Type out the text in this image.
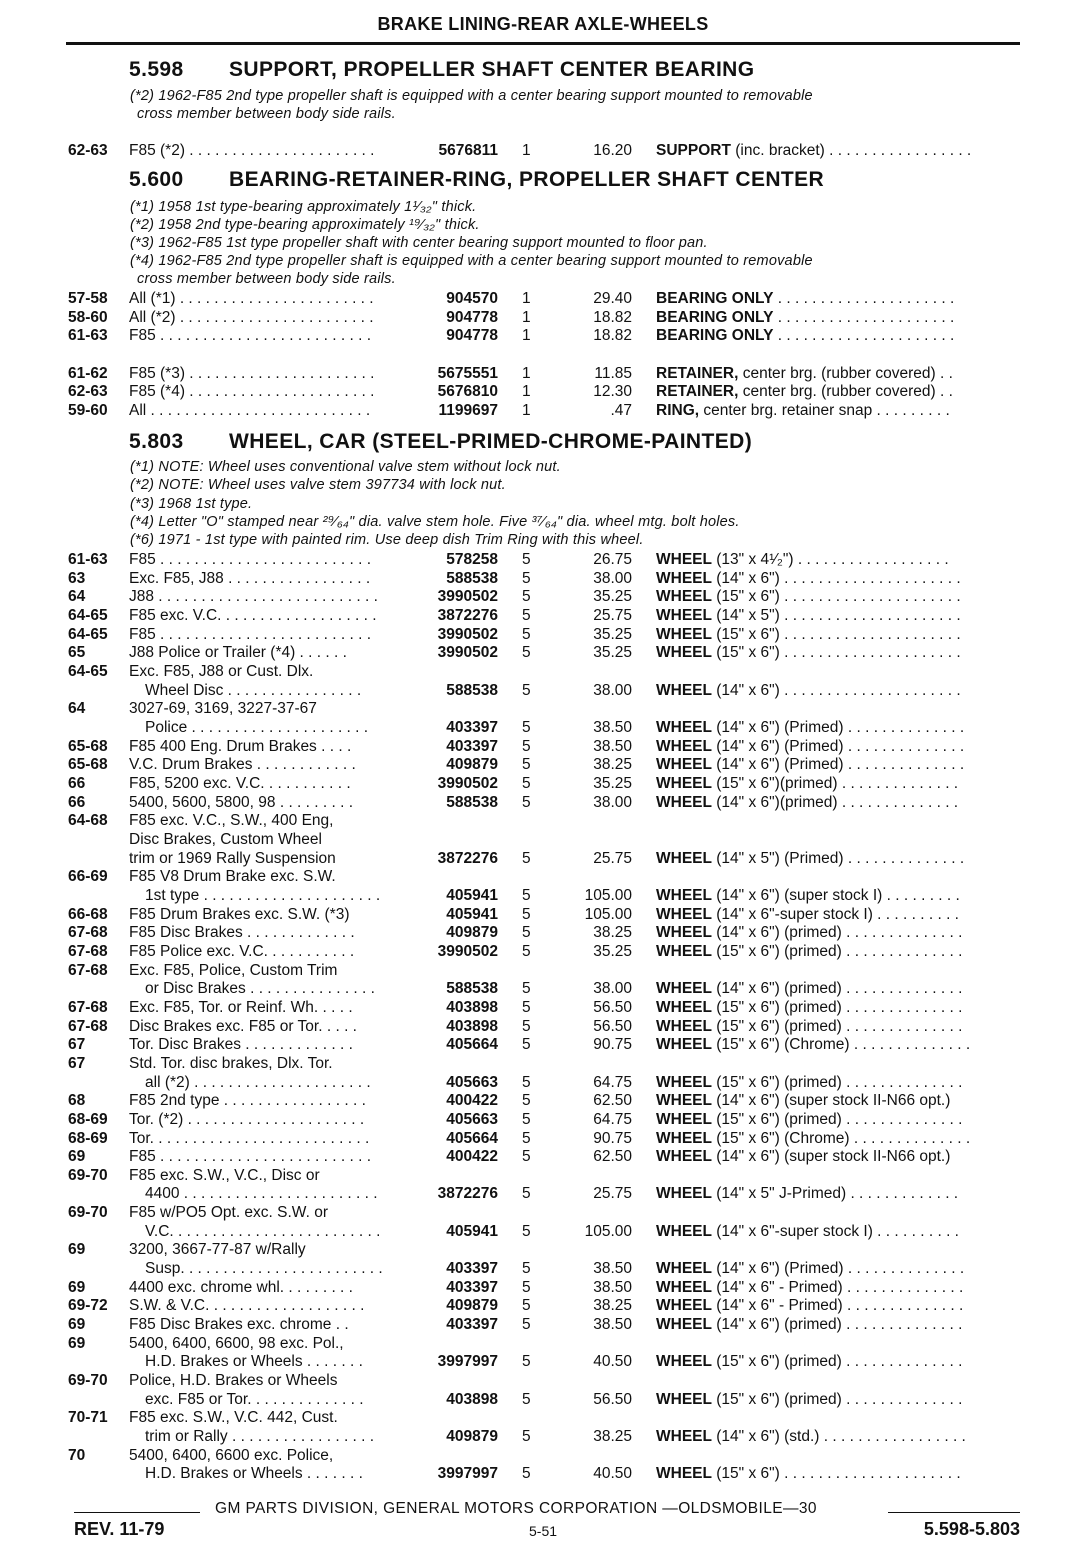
BRAKE LINING-REAR AXLE-WHEELS
5.598 SUPPORT, PROPELLER SHAFT CENTER BEARING
(*2) 1962-F85 2nd type propeller shaft is equipped with a center bearing support mounted to removable
cross member between body side rails.
62-63 F85 (*2) . . . . . . . . . . . . . . . . . . . . . .	5676811 1	16.20 SUPPORT (inc. bracket) . . . . . . . . . . . . . . . . .
5.600 BEARING-RETAINER-RING, PROPELLER SHAFT CENTER
(*1) 1958 1st type-bearing approximately 1¹⁄₃₂" thick.
(*2) 1958 2nd type-bearing approximately ¹⁹⁄₃₂" thick.
(*3) 1962-F85 1st type propeller shaft with center bearing support mounted to floor pan.
(*4) 1962-F85 2nd type propeller shaft is equipped with a center bearing support mounted to removable
cross member between body side rails.
57-58 All (*1) . . . . . . . . . . . . . . . . . . . . . . .	904570 1	29.40 BEARING ONLY . . . . . . . . . . . . . . . . . . . . .
58-60 All (*2) . . . . . . . . . . . . . . . . . . . . . . .	904778 1	18.82 BEARING ONLY . . . . . . . . . . . . . . . . . . . . .
61-63 F85 . . . . . . . . . . . . . . . . . . . . . . . . .	904778 1	18.82 BEARING ONLY . . . . . . . . . . . . . . . . . . . . .
61-62 F85 (*3) . . . . . . . . . . . . . . . . . . . . . .	5675551 1	11.85 RETAINER, center brg. (rubber covered) . .
62-63 F85 (*4) . . . . . . . . . . . . . . . . . . . . . .	5676810 1	12.30 RETAINER, center brg. (rubber covered) . .
59-60 All . . . . . . . . . . . . . . . . . . . . . . . . . .	1199697 1	.47 RING, center brg. retainer snap . . . . . . . . .
5.803 WHEEL, CAR (STEEL-PRIMED-CHROME-PAINTED)
(*1) NOTE: Wheel uses conventional valve stem without lock nut.
(*2) NOTE: Wheel uses valve stem 397734 with lock nut.
(*3) 1968 1st type.
(*4) Letter "O" stamped near ²⁹⁄₆₄" dia. valve stem hole. Five ³⁷⁄₆₄" dia. wheel mtg. bolt holes.
(*6) 1971 - 1st type with painted rim. Use deep dish Trim Ring with this wheel.
61-63 F85 . . . . . . . . . . . . . . . . . . . . . . . . .	578258 5	26.75 WHEEL (13" x 4¹⁄₂") . . . . . . . . . . . . . . . . . .
63	Exc. F85, J88 . . . . . . . . . . . . . . . . .	588538 5	38.00 WHEEL (14" x 6") . . . . . . . . . . . . . . . . . . . . .
64	J88 . . . . . . . . . . . . . . . . . . . . . . . . . .	3990502 5	35.25 WHEEL (15" x 6") . . . . . . . . . . . . . . . . . . . . .
64-65 F85 exc. V.C. . . . . . . . . . . . . . . . . . .	3872276 5	25.75 WHEEL (14" x 5") . . . . . . . . . . . . . . . . . . . . .
64-65 F85 . . . . . . . . . . . . . . . . . . . . . . . . .	3990502 5	35.25 WHEEL (15" x 6") . . . . . . . . . . . . . . . . . . . . .
65	J88 Police or Trailer (*4) . . . . . .	3990502 5	35.25 WHEEL (15" x 6") . . . . . . . . . . . . . . . . . . . . .
64-65 Exc. F85, J88 or Cust. Dlx.
Wheel Disc . . . . . . . . . . . . . . . .	588538 5	38.00 WHEEL (14" x 6") . . . . . . . . . . . . . . . . . . . . .
64	3027-69, 3169, 3227-37-67
Police . . . . . . . . . . . . . . . . . . . . .	403397 5	38.50 WHEEL (14" x 6") (Primed) . . . . . . . . . . . . . .
65-68 F85 400 Eng. Drum Brakes . . . .	403397 5	38.50 WHEEL (14" x 6") (Primed) . . . . . . . . . . . . . .
65-68 V.C. Drum Brakes . . . . . . . . . . . .	409879 5	38.25 WHEEL (14" x 6") (Primed) . . . . . . . . . . . . . .
66	F85, 5200 exc. V.C. . . . . . . . . . .	3990502 5	35.25 WHEEL (15" x 6")(primed) . . . . . . . . . . . . . .
66	5400, 5600, 5800, 98 . . . . . . . . .	588538 5	38.00 WHEEL (14" x 6")(primed) . . . . . . . . . . . . . .
64-68 F85 exc. V.C., S.W., 400 Eng,
Disc Brakes, Custom Wheel
trim or 1969 Rally Suspension	3872276 5	25.75 WHEEL (14" x 5") (Primed) . . . . . . . . . . . . . .
66-69 F85 V8 Drum Brake exc. S.W.
1st type . . . . . . . . . . . . . . . . . . . . .	405941 5	105.00 WHEEL (14" x 6") (super stock I) . . . . . . . . .
66-68 F85 Drum Brakes exc. S.W. (*3)	405941 5	105.00 WHEEL (14" x 6"-super stock I) . . . . . . . . . .
67-68 F85 Disc Brakes . . . . . . . . . . . . .	409879 5	38.25 WHEEL (14" x 6") (primed) . . . . . . . . . . . . . .
67-68 F85 Police exc. V.C. . . . . . . . . . .	3990502 5	35.25 WHEEL (15" x 6") (primed) . . . . . . . . . . . . . .
67-68 Exc. F85, Police, Custom Trim
or Disc Brakes . . . . . . . . . . . . . . .	588538 5	38.00 WHEEL (14" x 6") (primed) . . . . . . . . . . . . . .
67-68 Exc. F85, Tor. or Reinf. Wh. . . . .	403898 5	56.50 WHEEL (15" x 6") (primed) . . . . . . . . . . . . . .
67-68 Disc Brakes exc. F85 or Tor. . . . .	403898 5	56.50 WHEEL (15" x 6") (primed) . . . . . . . . . . . . . .
67	Tor. Disc Brakes . . . . . . . . . . . . .	405664 5	90.75 WHEEL (15" x 6") (Chrome) . . . . . . . . . . . . . .
67	Std. Tor. disc brakes, Dlx. Tor.
all (*2) . . . . . . . . . . . . . . . . . . . . .	405663 5	64.75 WHEEL (15" x 6") (primed) . . . . . . . . . . . . . .
68	F85 2nd type . . . . . . . . . . . . . . . . .	400422 5	62.50 WHEEL (14" x 6") (super stock II-N66 opt.)
68-69 Tor. (*2) . . . . . . . . . . . . . . . . . . . . .	405663 5	64.75 WHEEL (15" x 6") (primed) . . . . . . . . . . . . . .
68-69 Tor. . . . . . . . . . . . . . . . . . . . . . . . . .	405664 5	90.75 WHEEL (15" x 6") (Chrome) . . . . . . . . . . . . . .
69	F85 . . . . . . . . . . . . . . . . . . . . . . . . .	400422 5	62.50 WHEEL (14" x 6") (super stock II-N66 opt.)
69-70 F85 exc. S.W., V.C., Disc or
4400 . . . . . . . . . . . . . . . . . . . . . . .	3872276 5	25.75 WHEEL (14" x 5" J-Primed) . . . . . . . . . . . . .
69-70 F85 w/PO5 Opt. exc. S.W. or
V.C. . . . . . . . . . . . . . . . . . . . . . . . .	405941 5	105.00 WHEEL (14" x 6"-super stock I) . . . . . . . . . .
69	3200, 3667-77-87 w/Rally
Susp. . . . . . . . . . . . . . . . . . . . . . . .	403397 5	38.50 WHEEL (14" x 6") (Primed) . . . . . . . . . . . . . .
69	4400 exc. chrome whl. . . . . . . . .	403397 5	38.50 WHEEL (14" x 6" - Primed) . . . . . . . . . . . . . .
69-72 S.W. & V.C. . . . . . . . . . . . . . . . . . .	409879 5	38.25 WHEEL (14" x 6" - Primed) . . . . . . . . . . . . . .
69	F85 Disc Brakes exc. chrome . .	403397 5	38.50 WHEEL (14" x 6") (primed) . . . . . . . . . . . . . .
69	5400, 6400, 6600, 98 exc. Pol.,
H.D. Brakes or Wheels . . . . . . .	3997997 5	40.50 WHEEL (15" x 6") (primed) . . . . . . . . . . . . . .
69-70 Police, H.D. Brakes or Wheels
exc. F85 or Tor. . . . . . . . . . . . . .	403898 5	56.50 WHEEL (15" x 6") (primed) . . . . . . . . . . . . . .
70-71 F85 exc. S.W., V.C. 442, Cust.
trim or Rally . . . . . . . . . . . . . . . . .	409879 5	38.25 WHEEL (14" x 6") (std.) . . . . . . . . . . . . . . . . .
70	5400, 6400, 6600 exc. Police,
H.D. Brakes or Wheels . . . . . . .	3997997 5	40.50 WHEEL (15" x 6") . . . . . . . . . . . . . . . . . . . . .
GM PARTS DIVISION, GENERAL MOTORS CORPORATION —OLDSMOBILE—30
REV. 11-79	5-51	5.598-5.803
